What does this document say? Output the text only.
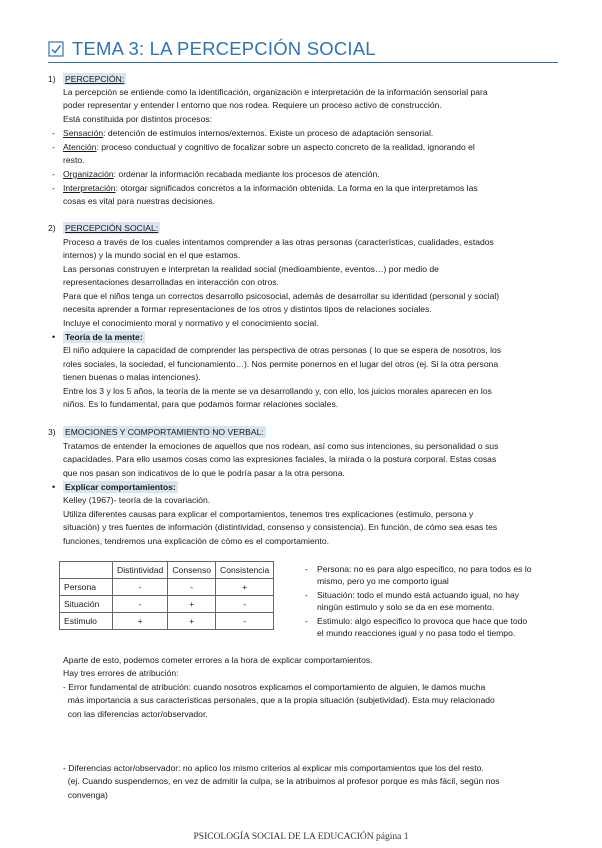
TEMA 3: LA PERCEPCIÓN SOCIAL
1) PERCEPCIÓN:
La percepción se entiende como la identificación, organización e interpretación de la información sensorial para
poder representar y entender l entorno que nos rodea. Requiere un proceso activo de construcción.
Está constituida por distintos procesos:
- Sensación: detención de estímulos internos/externos. Existe un proceso de adaptación sensorial.
- Atención: proceso conductual y cognitivo de focalizar sobre un aspecto concreto de la realidad, ignorando el
resto.
- Organización: ordenar la información recabada mediante los procesos de atención.
- Interpretación: otorgar significados concretos a la información obtenida. La forma en la que interpretamos las
cosas es vital para nuestras decisiones.
2) PERCEPCIÓN SOCIAL:
Proceso a través de los cuales intentamos comprender a las otras personas (características, cualidades, estados
internos) y la mundo social en el que estamos.
Las personas construyen e interpretan la realidad social (medioambiente, eventos…) por medio de
representaciones desarrolladas en interacción con otros.
Para que el niños tenga un correctos desarrollo psicosocial, además de desarrollar su identidad (personal y social)
necesita aprender a formar representaciones de los otros y distintos tipos de relaciones sociales.
Incluye el conocimiento moral y normativo y el conocimiento social.
• Teoría de la mente:
El niño adquiere la capacidad de comprender las perspectiva de otras personas ( lo que se espera de nosotros, los
roles sociales, la sociedad, el funcionamiento…). Nos permite ponernos en el lugar del otros (ej. Si la otra persona
tienen buenas o malas intenciones).
Entre los 3 y los 5 años, la teoría de la mente se va desarrollando y, con ello, los juicios morales aparecen en los
niños. Es lo fundamental, para que podamos formar relaciones sociales.
3) EMOCIONES Y COMPORTAMIENTO NO VERBAL:
Tratamos de entender la emociones de aquellos que nos rodean, así como sus intenciones, su personalidad o sus
capacidades. Para ello usamos cosas como las expresiones faciales, la mirada o la postura corporal. Estas cosas
que nos pasan son indicativos de lo que le podría pasar a la otra persona.
• Explicar comportamientos:
Kelley (1967)- teoría de la covariación.
Utiliza diferentes causas para explicar el comportamientos, tenemos tres explicaciones (estimulo, persona y
situación) y tres fuentes de información (distintividad, consenso y consistencia). En función, de cómo sea esas tes
funciones, tendremos una explicación de cómo es el comportamiento.
	Distintividad	Consenso	Consistencia
Persona	-	-	+
Situación	-	+	-
Estimulo	+	+	-
- Persona: no es para algo especifico, no para todos es lo
mismo, pero yo me comporto igual
- Situación: todo el mundo está actuando igual, no hay
ningún estimulo y solo se da en ese momento.
- Estimulo: algo especifico lo provoca que hace que todo
el mundo reacciones igual y no pasa todo el tiempo.
Aparte de esto, podemos cometer errores a la hora de explicar comportamientos.
Hay tres errores de atribución:
- Error fundamental de atribución: cuando nosotros explicamos el comportamiento de alguien, le damos mucha
más importancia a sus características personales, que a la propia situación (subjetividad). Esta muy relacionado
con las diferencias actor/observador.
- Diferencias actor/observador: no aplico los mismo criterios al explicar mis comportamientos que los del resto.
(ej. Cuando suspendemos, en vez de admitir la culpa, se la atribuimos al profesor porque es más fácil, según nos
convenga)
PSICOLOGÍA SOCIAL DE LA EDUCACIÓN página 1
